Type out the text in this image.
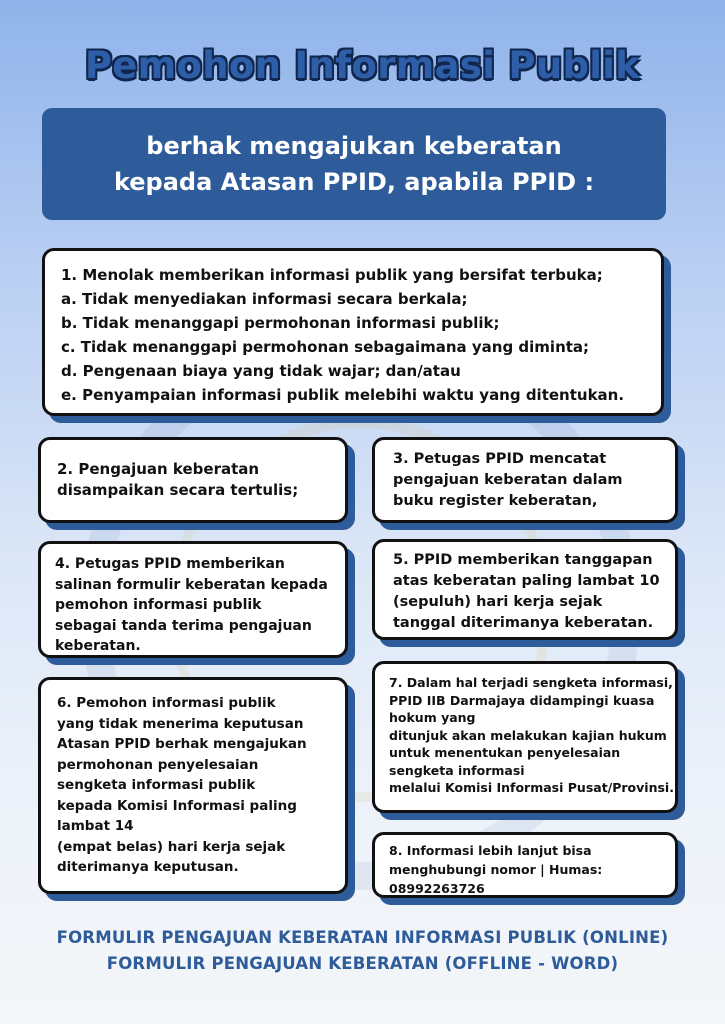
Pemohon Informasi Publik
berhak mengajukan keberatan
kepada Atasan PPID, apabila PPID :
1. Menolak memberikan informasi publik yang bersifat terbuka;
a. Tidak menyediakan informasi secara berkala;
b. Tidak menanggapi permohonan informasi publik;
c. Tidak menanggapi permohonan sebagaimana yang diminta;
d. Pengenaan biaya yang tidak wajar; dan/atau
e. Penyampaian informasi publik melebihi waktu yang ditentukan.
2. Pengajuan keberatan
disampaikan secara tertulis;
3. Petugas PPID mencatat
pengajuan keberatan dalam
buku register keberatan,
4. Petugas PPID memberikan
salinan formulir keberatan kepada
pemohon informasi publik
sebagai tanda terima pengajuan
keberatan.
5. PPID memberikan tanggapan
atas keberatan paling lambat 10
(sepuluh) hari kerja sejak
tanggal diterimanya keberatan.
6. Pemohon informasi publik
yang tidak menerima keputusan
Atasan PPID berhak mengajukan
permohonan penyelesaian
sengketa informasi publik
kepada Komisi Informasi paling
lambat 14
(empat belas) hari kerja sejak
diterimanya keputusan.
7. Dalam hal terjadi sengketa informasi,
PPID IIB Darmajaya didampingi kuasa
hokum yang
ditunjuk akan melakukan kajian hukum
untuk menentukan penyelesaian
sengketa informasi
melalui Komisi Informasi Pusat/Provinsi.
8. Informasi lebih lanjut bisa
menghubungi nomor | Humas:
08992263726
FORMULIR PENGAJUAN KEBERATAN INFORMASI PUBLIK (ONLINE)
FORMULIR PENGAJUAN KEBERATAN (OFFLINE - WORD)
